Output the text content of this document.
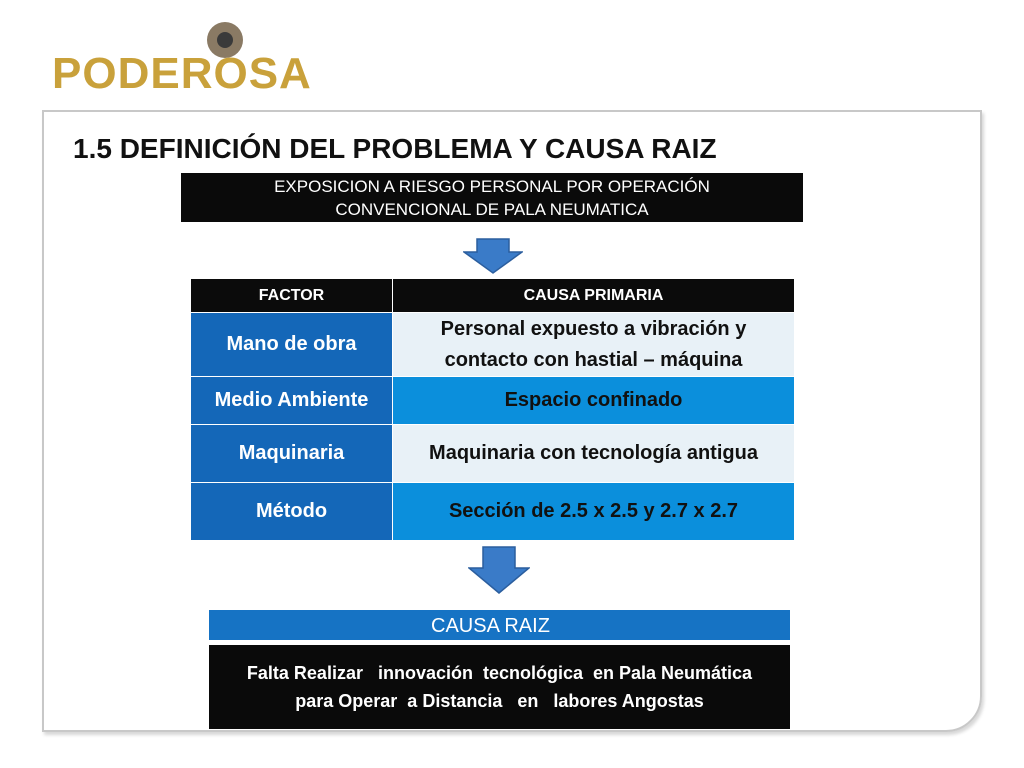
PODEROSA
1.5 DEFINICIÓN DEL PROBLEMA Y CAUSA RAIZ
EXPOSICION A RIESGO PERSONAL POR OPERACIÓN
CONVENCIONAL DE PALA NEUMATICA
FACTOR	CAUSA PRIMARIA
Mano de obra	Personal expuesto a vibración y
contacto con hastial – máquina

Medio Ambiente	Espacio confinado
Maquinaria	Maquinaria con tecnología antigua
Método	Sección de 2.5 x 2.5 y 2.7 x 2.7
CAUSA RAIZ
Falta Realizar   innovación  tecnológica  en Pala Neumática
para Operar  a Distancia   en   labores Angostas
